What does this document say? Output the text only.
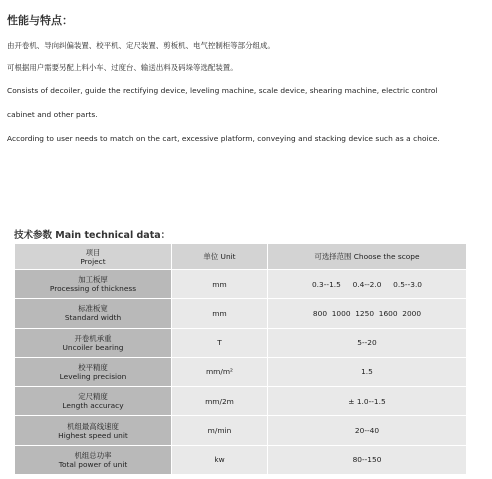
性能与特点：
由开卷机、导向纠偏装置、校平机、定尺装置、剪板机、电气控制柜等部分组成。
可根据用户需要另配上料小车、过度台、输送出料及码垛等选配装置。
Consists of decoiler, guide the rectifying device, leveling machine, scale device, shearing machine, electric control
cabinet and other parts.
According to user needs to match on the cart, excessive platform, conveying and stacking device such as a choice.
技术参数 Main technical data：
项目
Project	单位 Unit	可选择范围 Choose the scope

加工板厚
Processing of thickness	mm	0.3--1.5     0.4--2.0     0.5--3.0

标准板宽
Standard width	mm	800  1000  1250  1600  2000

开卷机承重
Uncoiler bearing	T	5--20

校平精度
Leveling precision	mm/m²	1.5

定尺精度
Length accuracy	mm/2m	± 1.0--1.5

机组最高线速度
Highest speed unit	m/min	20--40

机组总功率
Total power of unit	kw	80--150
